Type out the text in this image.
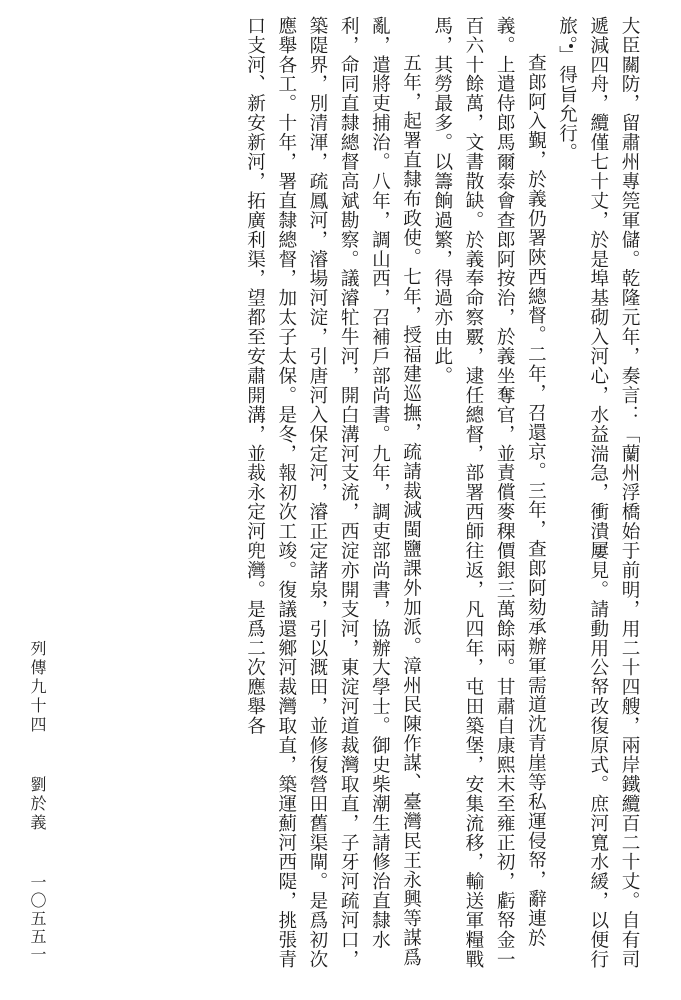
大臣關防，留肅州專筦軍儲。乾隆元年，奏言：「蘭州浮橋始于前明，用二十四艘，兩岸鐵纜百二十丈。自有司遞減四舟，纜僅七十丈，於是埠基砌入河心，水益湍急，衝潰屢見。請動用公帑改復原式。庶河寬水緩，以便行旅。」得旨允行。

查郎阿入覲，於義仍署陝西總督。二年，召還京。三年，查郎阿劾承辦軍需道沈青崖等私運侵帑，辭連於義。上遣侍郎馬爾泰會查郎阿按治，於義坐奪官，並責償麥稞價銀三萬餘兩。甘肅自康熙末至雍正初，虧帑金一百六十餘萬，文書散缺。於義奉命察覈，逮任總督，部署西師往返，凡四年，屯田築堡，安集流移，輸送軍糧戰馬，其勞最多。以籌餉過繁，得過亦由此。

五年，起署直隸布政使。七年，授福建巡撫，疏請裁減閩鹽課外加派。漳州民陳作謀、臺灣民王永興等謀爲亂，遣將吏捕治。八年，調山西，召補戶部尚書。九年，調吏部尚書，協辦大學士。御史柴潮生請修治直隸水利，命同直隸總督高斌勘察。議濬牤牛河，開白溝河支流，西淀亦開支河，東淀河道裁灣取直，子牙河疏河口，築隄界，別清渾，疏鳳河，濬場河淀，引唐河入保定河，濬正定諸泉，引以溉田，並修復營田舊渠閘。是爲初次應舉各工。十年，署直隸總督，加太子太保。是冬，報初次工竣。復議還鄉河裁灣取直，築運薊河西隄，挑張青口支河、新安新河，拓廣利渠，望都至安肅開溝，並裁永定河兜灣。是爲二次應舉各

列傳九十四
劉於義
一〇五五一
